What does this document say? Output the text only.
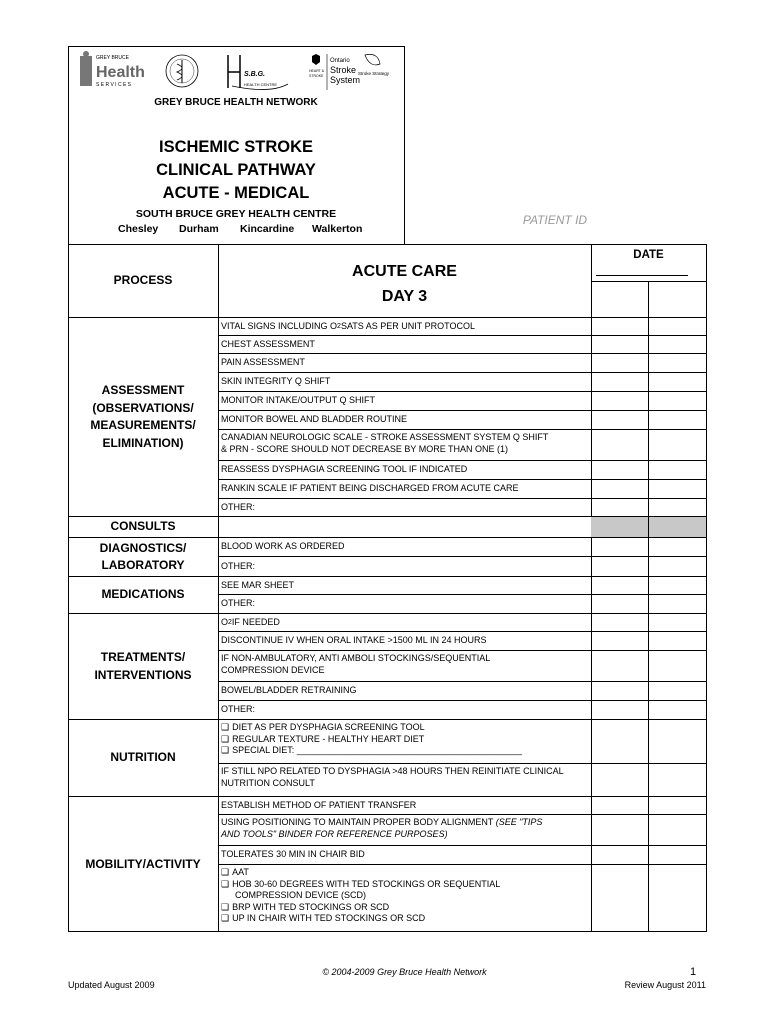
GREY BRUCE
Health
S E R V I C E S
S.B.G.
HEALTH CENTRE
HEART &
STROKE
Ontario
Stroke
System
Stroke Strategy
GREY BRUCE HEALTH NETWORK
ISCHEMIC STROKE
CLINICAL PATHWAY
ACUTE - MEDICAL
SOUTH BRUCE GREY HEALTH CENTRE
Chesley Durham Kincardine Walkerton
PATIENT ID
PROCESS	ACUTE CARE
DAY 3
DATE
ASSESSMENT
(OBSERVATIONS/
MEASUREMENTS/
ELIMINATION)
CONSULTS
DIAGNOSTICS/
LABORATORY
MEDICATIONS
TREATMENTS/
INTERVENTIONS
NUTRITION
MOBILITY/ACTIVITY
VITAL SIGNS INCLUDING O 2 SATS AS PER UNIT PROTOCOL
CHEST ASSESSMENT
PAIN ASSESSMENT
SKIN INTEGRITY Q SHIFT
MONITOR INTAKE/OUTPUT Q SHIFT
MONITOR BOWEL AND BLADDER ROUTINE
CANADIAN NEUROLOGIC SCALE - STROKE ASSESSMENT SYSTEM Q SHIFT
& PRN - SCORE SHOULD NOT DECREASE BY MORE THAN ONE (1)
REASSESS DYSPHAGIA SCREENING TOOL IF INDICATED
RANKIN SCALE IF PATIENT BEING DISCHARGED FROM ACUTE CARE
OTHER:
BLOOD WORK AS ORDERED
OTHER:
SEE MAR SHEET
OTHER:
O 2 IF NEEDED
DISCONTINUE IV WHEN ORAL INTAKE >1500 ML IN 24 HOURS
IF NON-AMBULATORY, ANTI AMBOLI STOCKINGS/SEQUENTIAL
COMPRESSION DEVICE
BOWEL/BLADDER RETRAINING
OTHER:
❑ DIET AS PER DYSPHAGIA SCREENING TOOL
❑ REGULAR TEXTURE - HEALTHY HEART DIET
❑ SPECIAL DIET: _____________________________________________
IF STILL NPO RELATED TO DYSPHAGIA >48 HOURS THEN REINITIATE CLINICAL
NUTRITION CONSULT
ESTABLISH METHOD OF PATIENT TRANSFER
USING POSITIONING TO MAINTAIN PROPER BODY ALIGNMENT (SEE "TIPS
AND TOOLS" BINDER FOR REFERENCE PURPOSES)
TOLERATES 30 MIN IN CHAIR BID
❑ AAT
❑ HOB 30-60 DEGREES WITH TED STOCKINGS OR SEQUENTIAL
COMPRESSION DEVICE (SCD)
❑ BRP WITH TED STOCKINGS OR SCD
❑ UP IN CHAIR WITH TED STOCKINGS OR SCD
Updated August 2009
© 2004-2009 Grey Bruce Health Network	1
Review August 2011
